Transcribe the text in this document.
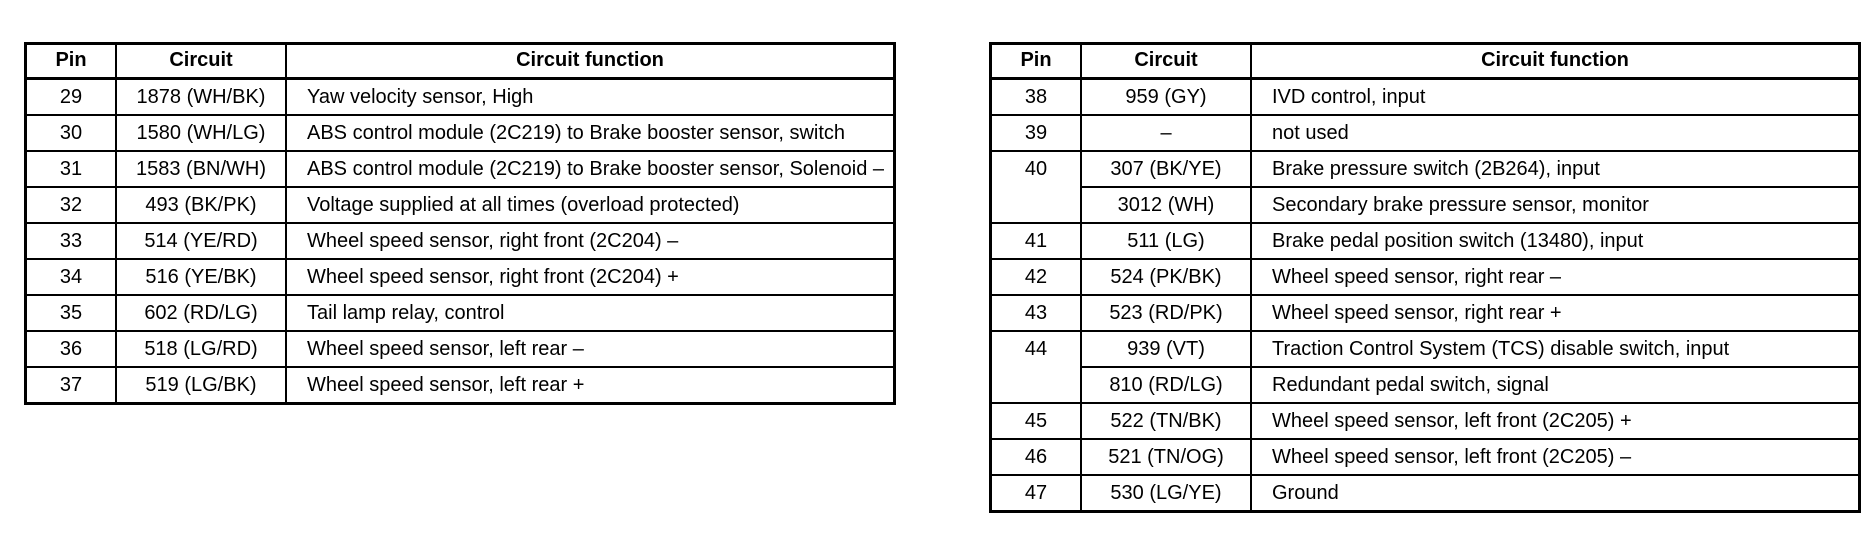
Pin	Circuit	Circuit function
29	1878 (WH/BK)	Yaw velocity sensor, High
30	1580 (WH/LG)	ABS control module (2C219) to Brake booster sensor, switch
31	1583 (BN/WH)	ABS control module (2C219) to Brake booster sensor, Solenoid –
32	493 (BK/PK)	Voltage supplied at all times (overload protected)
33	514 (YE/RD)	Wheel speed sensor, right front (2C204) –
34	516 (YE/BK)	Wheel speed sensor, right front (2C204) +
35	602 (RD/LG)	Tail lamp relay, control
36	518 (LG/RD)	Wheel speed sensor, left rear –
37	519 (LG/BK)	Wheel speed sensor, left rear +
Pin	Circuit	Circuit function
38	959 (GY)	IVD control, input
39	–	not used
40	307 (BK/YE)	Brake pressure switch (2B264), input
	3012 (WH)	Secondary brake pressure sensor, monitor
41	511 (LG)	Brake pedal position switch (13480), input
42	524 (PK/BK)	Wheel speed sensor, right rear –
43	523 (RD/PK)	Wheel speed sensor, right rear +
44	939 (VT)	Traction Control System (TCS) disable switch, input
	810 (RD/LG)	Redundant pedal switch, signal
45	522 (TN/BK)	Wheel speed sensor, left front (2C205) +
46	521 (TN/OG)	Wheel speed sensor, left front (2C205) –
47	530 (LG/YE)	Ground
